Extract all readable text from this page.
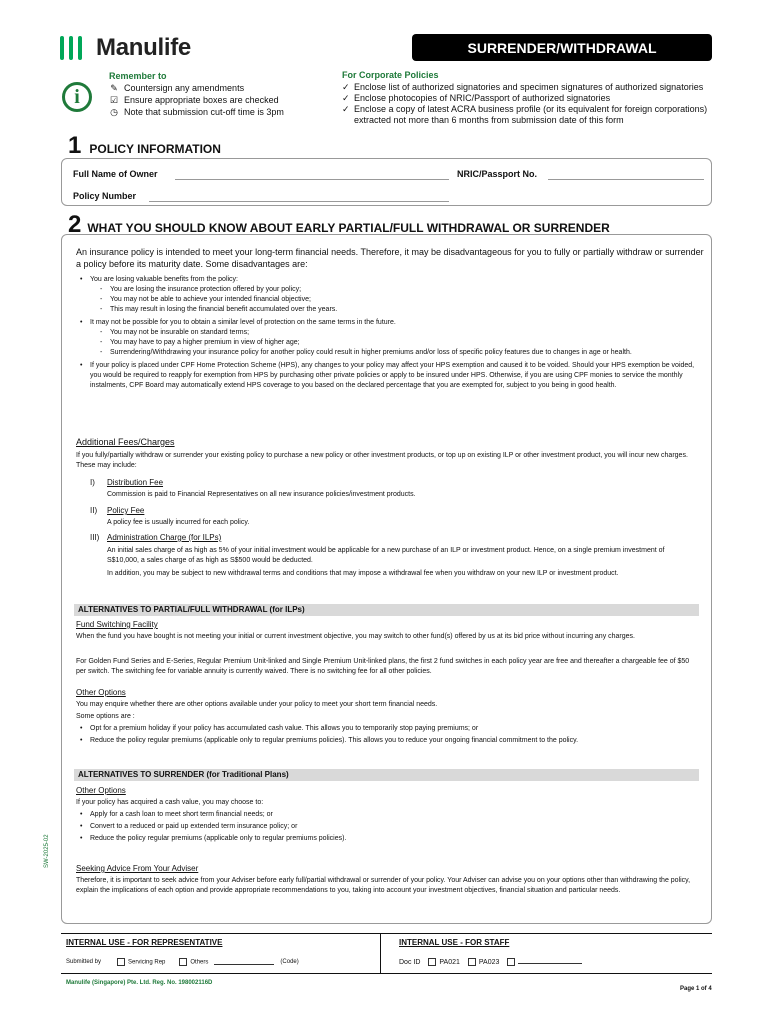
Manulife	SURRENDER/WITHDRAWAL
i
Remember to
✎ Countersign any amendments
☑ Ensure appropriate boxes are checked
◷ Note that submission cut-off time is 3pm
For Corporate Policies
✓ Enclose list of authorized signatories and specimen signatures of authorized signatories
✓ Enclose photocopies of NRIC/Passport of authorized signatories
✓ Enclose a copy of latest ACRA business profile (or its equivalent for foreign corporations) extracted not more than 6 months from submission date of this form
1 POLICY INFORMATION
Full Name of Owner	NRIC/Passport No.
Policy Number
2 WHAT YOU SHOULD KNOW ABOUT EARLY PARTIAL/FULL WITHDRAWAL OR SURRENDER
An insurance policy is intended to meet your long-term financial needs. Therefore, it may be disadvantageous for you to fully or partially withdraw or surrender a policy before its maturity date. Some disadvantages are:
• You are losing valuable benefits from the policy:
- You are losing the insurance protection offered by your policy;
- You may not be able to achieve your intended financial objective;
- This may result in losing the financial benefit accumulated over the years.
• It may not be possible for you to obtain a similar level of protection on the same terms in the future.
- You may not be insurable on standard terms;
- You may have to pay a higher premium in view of higher age;
- Surrendering/Withdrawing your insurance policy for another policy could result in higher premiums and/or loss of specific policy features due to changes in age or health.
• If your policy is placed under CPF Home Protection Scheme (HPS), any changes to your policy may affect your HPS exemption and caused it to be voided. Should your HPS exemption be voided, you would be required to reapply for exemption from HPS by purchasing other private policies or apply to be insured under HPS. Otherwise, if you are using CPF monies to service the monthly instalments, CPF Board may automatically extend HPS coverage to you based on the declared percentage that you are exempted for, subject to you being in good health.
Additional Fees/Charges
If you fully/partially withdraw or surrender your existing policy to purchase a new policy or other investment products, or top up on existing ILP or other investment product, you will incur new charges. These may include:
I) Distribution Fee
Commission is paid to Financial Representatives on all new insurance policies/investment products.
II) Policy Fee
A policy fee is usually incurred for each policy.
III) Administration Charge (for ILPs)
An initial sales charge of as high as 5% of your initial investment would be applicable for a new purchase of an ILP or investment product. Hence, on a single premium investment of S$10,000, a sales charge of as high as S$500 would be deducted.
In addition, you may be subject to new withdrawal terms and conditions that may impose a withdrawal fee when you withdraw on your new ILP or investment product.
ALTERNATIVES TO PARTIAL/FULL WITHDRAWAL (for ILPs)
Fund Switching Facility
When the fund you have bought is not meeting your initial or current investment objective, you may switch to other fund(s) offered by us at its bid price without incurring any charges.
For Golden Fund Series and E-Series, Regular Premium Unit-linked and Single Premium Unit-linked plans, the first 2 fund switches in each policy year are free and thereafter a chargeable fee of $50 per switch. The switching fee for variable annuity is currently waived. There is no switching fee for all other policies.
Other Options
You may enquire whether there are other options available under your policy to meet your short term financial needs.
Some options are :
• Opt for a premium holiday if your policy has accumulated cash value. This allows you to temporarily stop paying premiums; or
• Reduce the policy regular premiums (applicable only to regular premiums policies). This allows you to reduce your ongoing financial commitment to the policy.
ALTERNATIVES TO SURRENDER (for Traditional Plans)
Other Options
If your policy has acquired a cash value, you may choose to:
• Apply for a cash loan to meet short term financial needs; or
• Convert to a reduced or paid up extended term insurance policy; or
• Reduce the policy regular premiums (applicable only to regular premiums policies).
Seeking Advice From Your Adviser
Therefore, it is important to seek advice from your Adviser before early full/partial withdrawal or surrender of your policy. Your Adviser can advise you on your options other than withdrawing the policy, explain the implications of each option and provide appropriate recommendations to you, taking into account your investment objectives, financial situation and particular needs.
SW-2025-02
INTERNAL USE - FOR REPRESENTATIVE
Submitted by	Servicing Rep	Others	(Code)
INTERNAL USE - FOR STAFF
Doc ID	PA021	PA023
Manulife (Singapore) Pte. Ltd. Reg. No. 198002116D
Page 1 of 4
